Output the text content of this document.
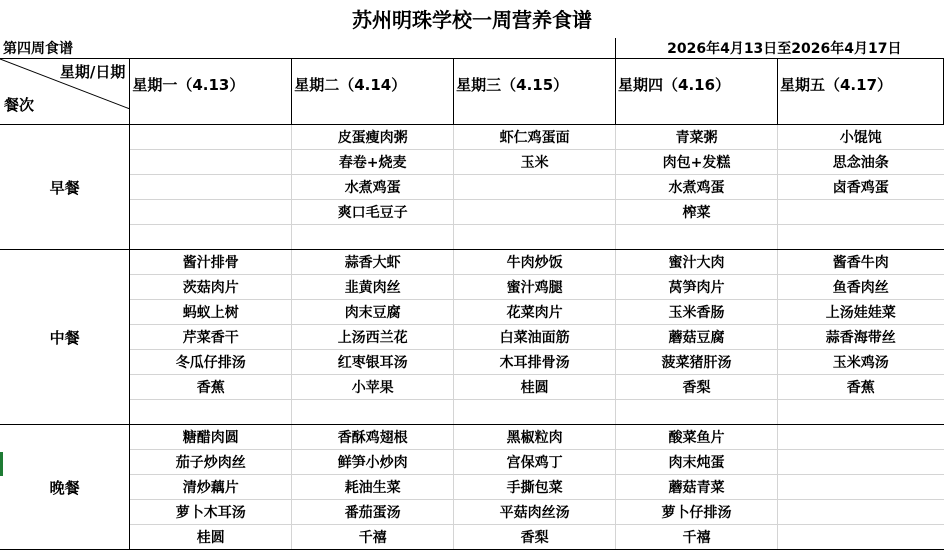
苏州明珠学校一周营养食谱
第四周食谱				2026年4月13日至2026年4月17日	

星期/日期
餐次	星期一（4.13）	星期二（4.14）	星期三（4.15）	星期四（4.16）	星期五（4.17）
早餐		皮蛋瘦肉粥	虾仁鸡蛋面	青菜粥	小馄饨
		春卷+烧麦	玉米	肉包+发糕	思念油条
		水煮鸡蛋		水煮鸡蛋	卤香鸡蛋
		爽口毛豆子		榨菜	

中餐	酱汁排骨	蒜香大虾	牛肉炒饭	蜜汁大肉	酱香牛肉
	茨菇肉片	韭黄肉丝	蜜汁鸡腿	莴笋肉片	鱼香肉丝
	蚂蚁上树	肉末豆腐	花菜肉片	玉米香肠	上汤娃娃菜
	芹菜香干	上汤西兰花	白菜油面筋	蘑菇豆腐	蒜香海带丝
	冬瓜仔排汤	红枣银耳汤	木耳排骨汤	菠菜猪肝汤	玉米鸡汤
	香蕉	小苹果	桂圆	香梨	香蕉

晚餐	糖醋肉圆	香酥鸡翅根	黑椒粒肉	酸菜鱼片	
	茄子炒肉丝	鲜笋小炒肉	宫保鸡丁	肉末炖蛋	
	清炒藕片	耗油生菜	手撕包菜	蘑菇青菜	
	萝卜木耳汤	番茄蛋汤	平菇肉丝汤	萝卜仔排汤	
	桂圆	千禧	香梨	千禧	
